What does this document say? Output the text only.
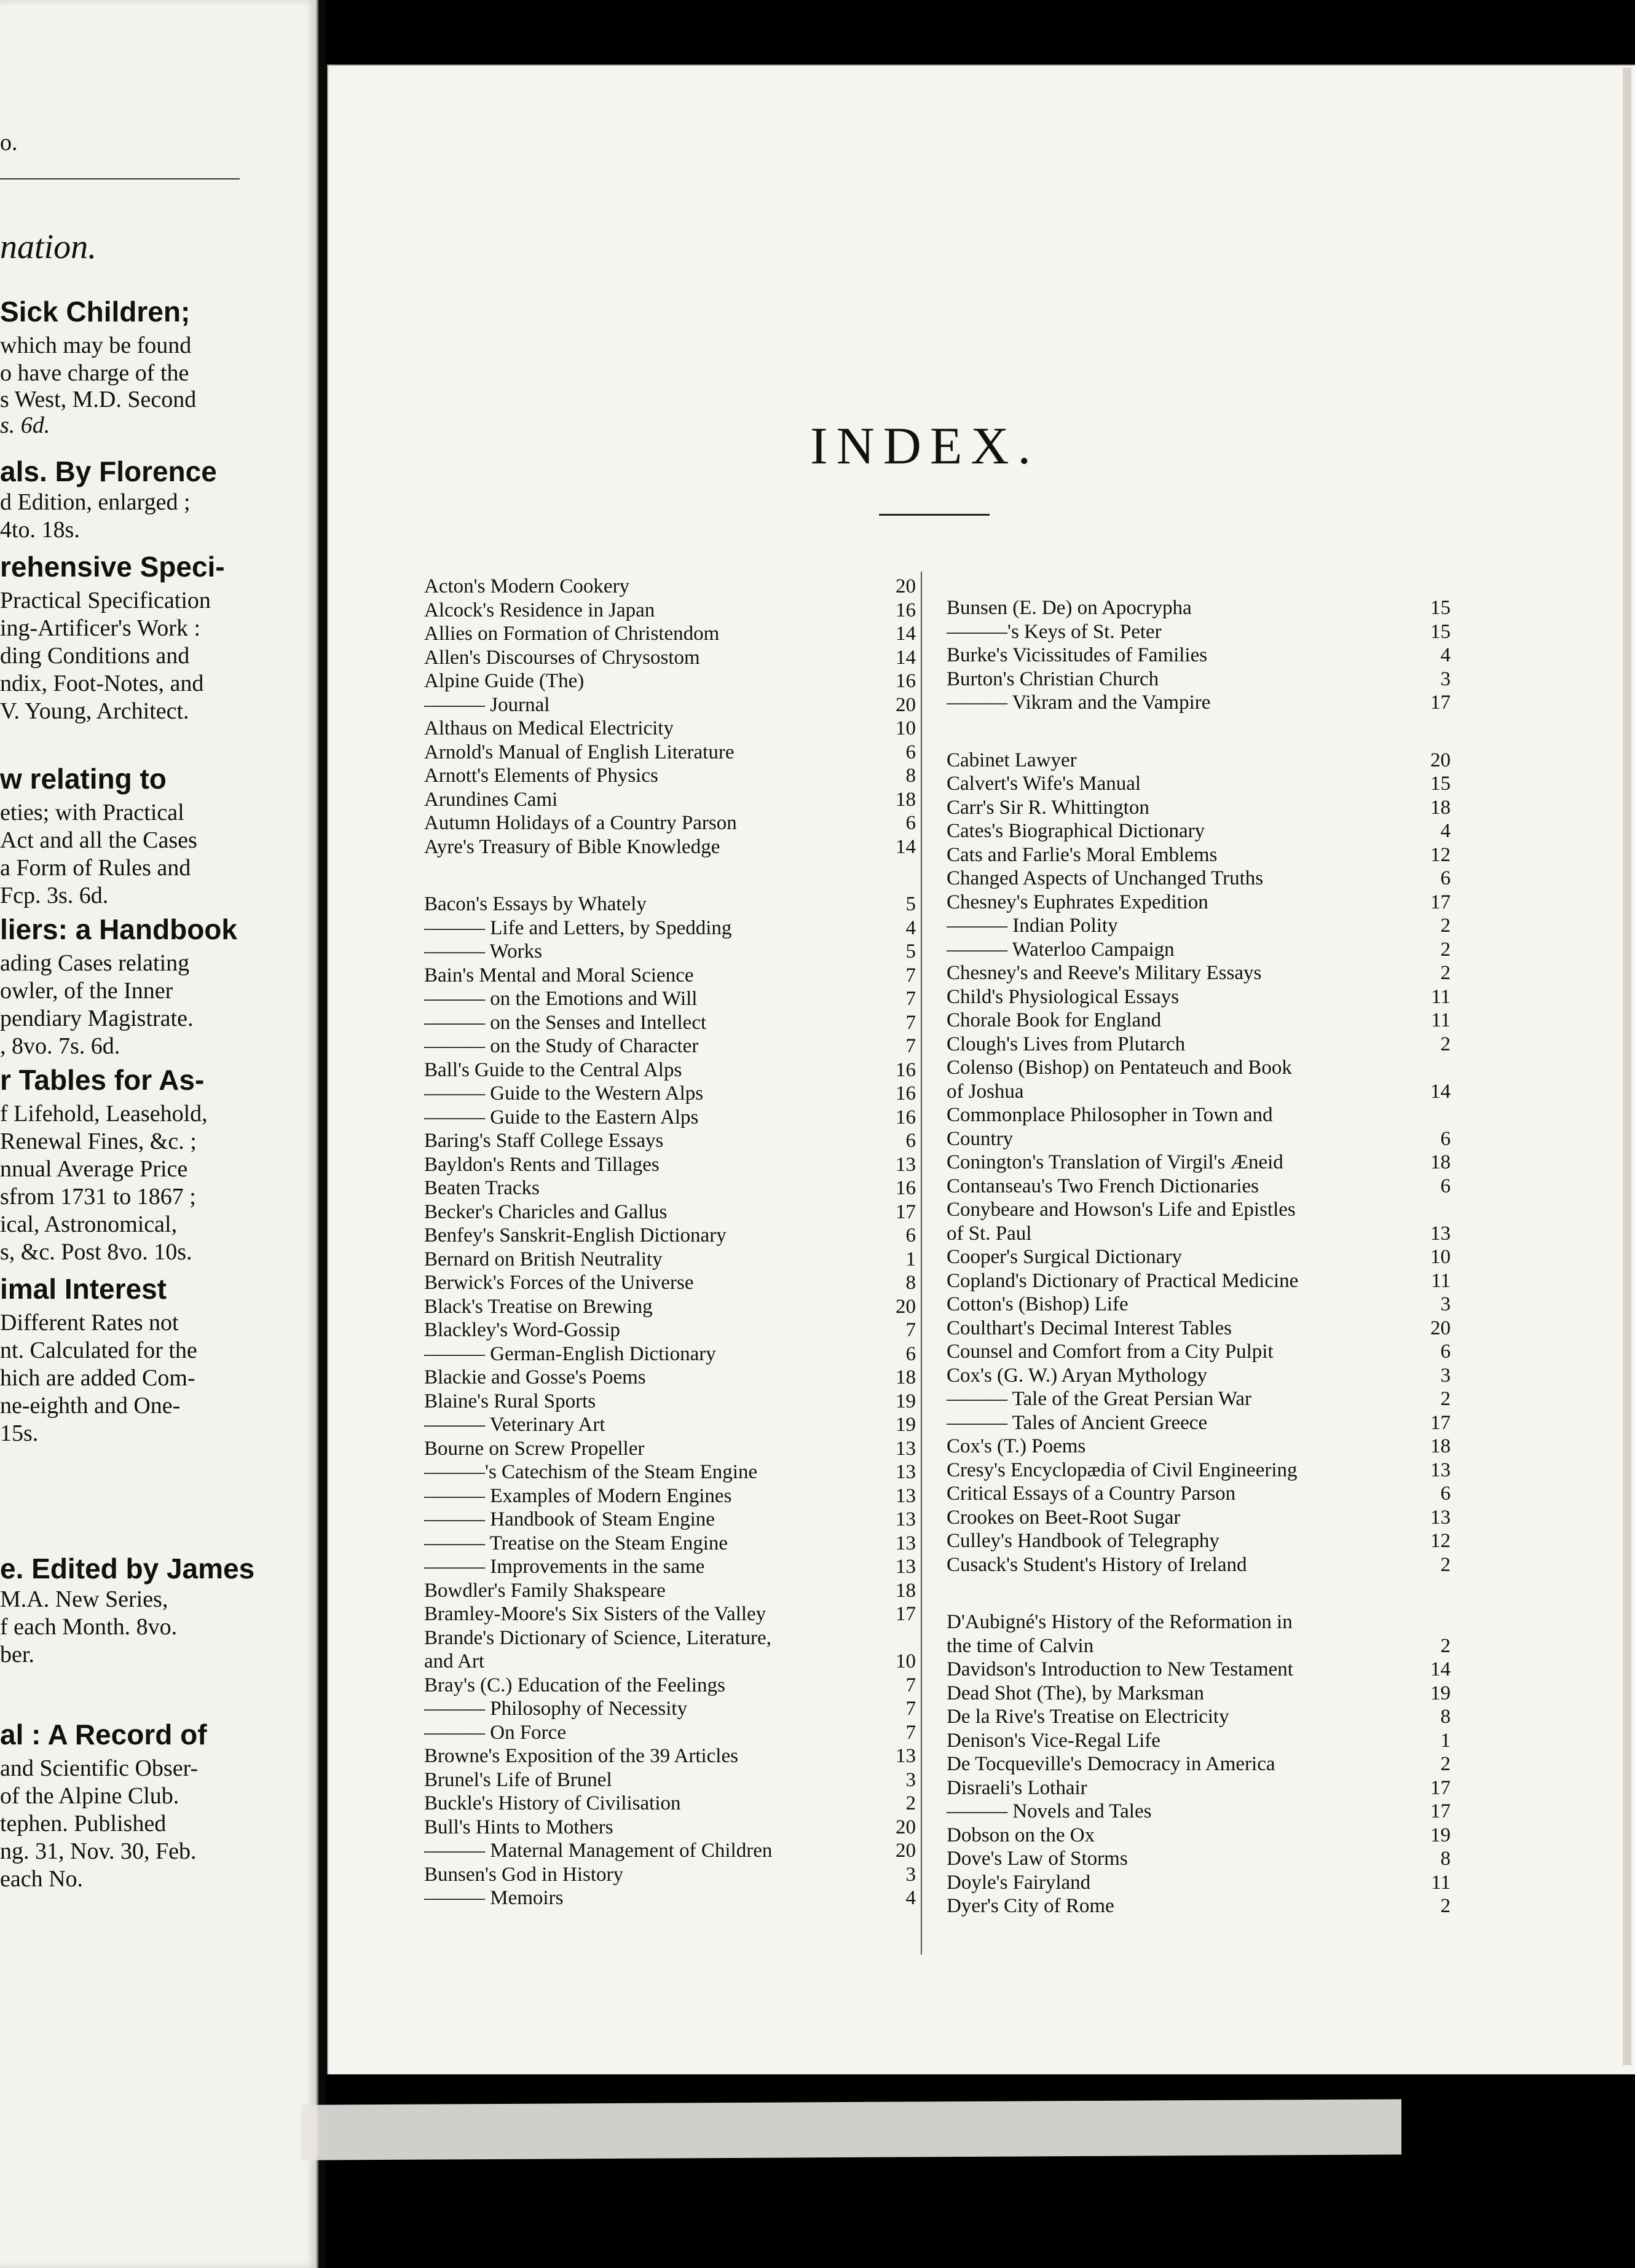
o.
nation.
Sick Children;
which may be found
o have charge of the
s West, M.D. Second
s. 6d.
als. By Florence
d Edition, enlarged ;
4to. 18s.
rehensive Speci-
Practical Specification
ing-Artificer's Work :
ding Conditions and
ndix, Foot-Notes, and
V. Young, Architect.
w relating to
eties; with Practical
Act and all the Cases
a Form of Rules and
Fcp. 3s. 6d.
liers: a Handbook
ading Cases relating
owler, of the Inner
pendiary Magistrate.
, 8vo. 7s. 6d.
r Tables for As-
f Lifehold, Leasehold,
Renewal Fines, &c. ;
nnual Average Price
sfrom 1731 to 1867 ;
ical, Astronomical,
s, &c. Post 8vo. 10s.
imal Interest
Different Rates not
nt. Calculated for the
hich are added Com-
ne-eighth and One-
15s.
e. Edited by James
M.A. New Series,
f each Month. 8vo.
ber.
al : A Record of
and Scientific Obser-
of the Alpine Club.
tephen. Published
ng. 31, Nov. 30, Feb.
each No.
INDEX.
Acton's Modern Cookery	20
Alcock's Residence in Japan	16
Allies on Formation of Christendom	14
Allen's Discourses of Chrysostom	14
Alpine Guide (The)	16
——— Journal	20
Althaus on Medical Electricity	10
Arnold's Manual of English Literature	6
Arnott's Elements of Physics	8
Arundines Cami	18
Autumn Holidays of a Country Parson	6
Ayre's Treasury of Bible Knowledge	14
Bacon's Essays by Whately	5
——— Life and Letters, by Spedding	4
——— Works	5
Bain's Mental and Moral Science	7
——— on the Emotions and Will	7
——— on the Senses and Intellect	7
——— on the Study of Character	7
Ball's Guide to the Central Alps	16
——— Guide to the Western Alps	16
——— Guide to the Eastern Alps	16
Baring's Staff College Essays	6
Bayldon's Rents and Tillages	13
Beaten Tracks	16
Becker's Charicles and Gallus	17
Benfey's Sanskrit-English Dictionary	6
Bernard on British Neutrality	1
Berwick's Forces of the Universe	8
Black's Treatise on Brewing	20
Blackley's Word-Gossip	7
——— German-English Dictionary	6
Blackie and Gosse's Poems	18
Blaine's Rural Sports	19
——— Veterinary Art	19
Bourne on Screw Propeller	13
———'s Catechism of the Steam Engine	13
——— Examples of Modern Engines	13
——— Handbook of Steam Engine	13
——— Treatise on the Steam Engine	13
——— Improvements in the same	13
Bowdler's Family Shakspeare	18
Bramley-Moore's Six Sisters of the Valley	17
Brande's Dictionary of Science, Literature,
and Art	10
Bray's (C.) Education of the Feelings	7
——— Philosophy of Necessity	7
——— On Force	7
Browne's Exposition of the 39 Articles	13
Brunel's Life of Brunel	3
Buckle's History of Civilisation	2
Bull's Hints to Mothers	20
——— Maternal Management of Children	20
Bunsen's God in History	3
——— Memoirs	4
Bunsen (E. De) on Apocrypha	15
———'s Keys of St. Peter	15
Burke's Vicissitudes of Families	4
Burton's Christian Church	3
——— Vikram and the Vampire	17
Cabinet Lawyer	20
Calvert's Wife's Manual	15
Carr's Sir R. Whittington	18
Cates's Biographical Dictionary	4
Cats and Farlie's Moral Emblems	12
Changed Aspects of Unchanged Truths	6
Chesney's Euphrates Expedition	17
——— Indian Polity	2
——— Waterloo Campaign	2
Chesney's and Reeve's Military Essays	2
Child's Physiological Essays	11
Chorale Book for England	11
Clough's Lives from Plutarch	2
Colenso (Bishop) on Pentateuch and Book
of Joshua	14
Commonplace Philosopher in Town and
Country	6
Conington's Translation of Virgil's Æneid	18
Contanseau's Two French Dictionaries	6
Conybeare and Howson's Life and Epistles
of St. Paul	13
Cooper's Surgical Dictionary	10
Copland's Dictionary of Practical Medicine	11
Cotton's (Bishop) Life	3
Coulthart's Decimal Interest Tables	20
Counsel and Comfort from a City Pulpit	6
Cox's (G. W.) Aryan Mythology	3
——— Tale of the Great Persian War	2
——— Tales of Ancient Greece	17
Cox's (T.) Poems	18
Cresy's Encyclopædia of Civil Engineering	13
Critical Essays of a Country Parson	6
Crookes on Beet-Root Sugar	13
Culley's Handbook of Telegraphy	12
Cusack's Student's History of Ireland	2
D'Aubigné's History of the Reformation in
the time of Calvin	2
Davidson's Introduction to New Testament	14
Dead Shot (The), by Marksman	19
De la Rive's Treatise on Electricity	8
Denison's Vice-Regal Life	1
De Tocqueville's Democracy in America	2
Disraeli's Lothair	17
——— Novels and Tales	17
Dobson on the Ox	19
Dove's Law of Storms	8
Doyle's Fairyland	11
Dyer's City of Rome	2
